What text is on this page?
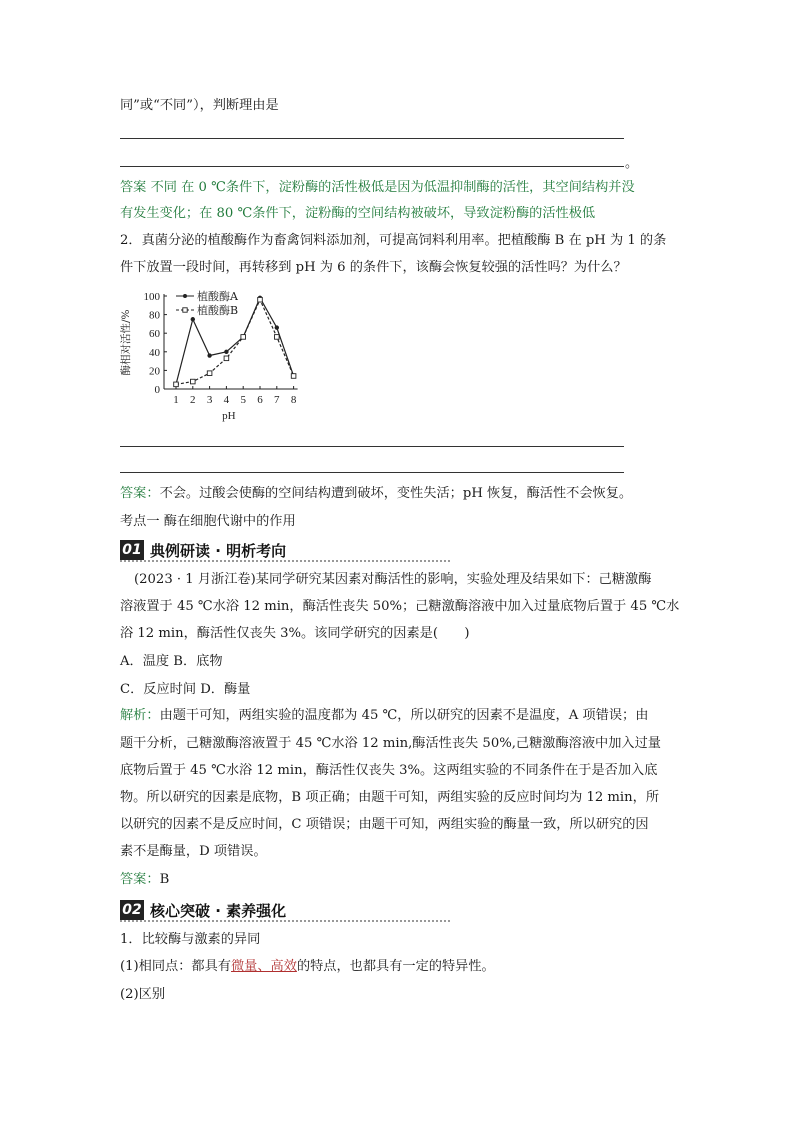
同”或“不同”），判断理由是
。
答案 不同 在 0 ℃条件下，淀粉酶的活性极低是因为低温抑制酶的活性，其空间结构并没
有发生变化；在 80 ℃条件下，淀粉酶的空间结构被破坏，导致淀粉酶的活性极低
2．真菌分泌的植酸酶作为畜禽饲料添加剂，可提高饲料利用率。把植酸酶 B 在 pH 为 1 的条
件下放置一段时间，再转移到 pH 为 6 的条件下，该酶会恢复较强的活性吗？为什么？
0
20
40
60
80
100
1 2 3 4 5 6 7 8
pH
酶相对活性/%
植酸酶A
植酸酶B
答案：不会。过酸会使酶的空间结构遭到破坏，变性失活；pH 恢复，酶活性不会恢复。
考点一 酶在细胞代谢中的作用
01 典例研读 · 明析考向
(2023 · 1 月浙江卷)某同学研究某因素对酶活性的影响，实验处理及结果如下：己糖激酶
溶液置于 45 ℃水浴 12 min，酶活性丧失 50%；己糖激酶溶液中加入过量底物后置于 45 ℃水
浴 12 min，酶活性仅丧失 3%。该同学研究的因素是(　　)
A．温度 B．底物
C．反应时间 D．酶量
解析：由题干可知，两组实验的温度都为 45 ℃，所以研究的因素不是温度，A 项错误；由
题干分析，己糖激酶溶液置于 45 ℃水浴 12 min,酶活性丧失 50%,己糖激酶溶液中加入过量
底物后置于 45 ℃水浴 12 min，酶活性仅丧失 3%。这两组实验的不同条件在于是否加入底
物。所以研究的因素是底物，B 项正确；由题干可知，两组实验的反应时间均为 12 min，所
以研究的因素不是反应时间，C 项错误；由题干可知，两组实验的酶量一致，所以研究的因
素不是酶量，D 项错误。
答案：B
02 核心突破 · 素养强化
1．比较酶与激素的异同
(1)相同点：都具有微量、高效的特点，也都具有一定的特异性。
(2)区别
